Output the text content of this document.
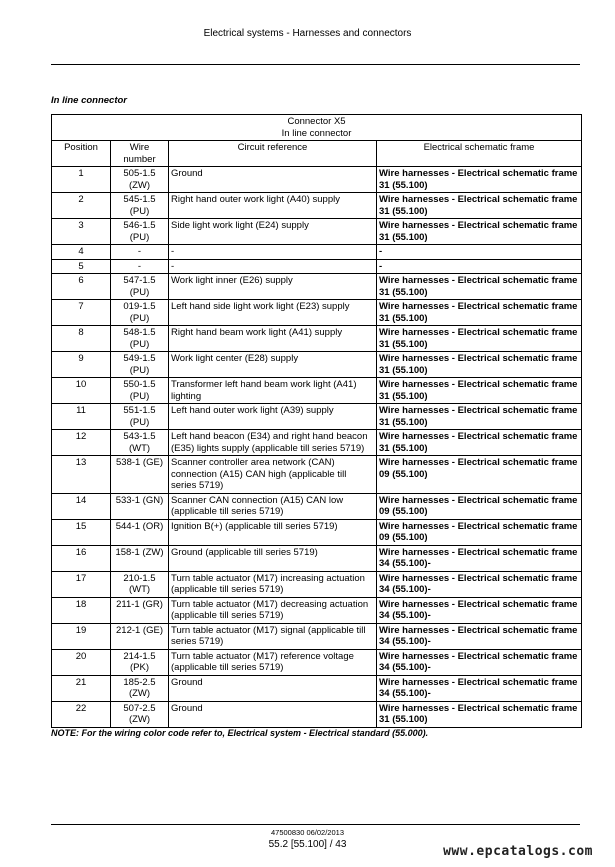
Electrical systems - Harnesses and connectors
In line connector
Connector X5
In line connector			

Position	Wire number	Circuit reference	Electrical schematic frame
1	505-1.5 (ZW)	Ground	Wire harnesses - Electrical schematic frame 31 (55.100)
2	545-1.5 (PU)	Right hand outer work light (A40) supply	Wire harnesses - Electrical schematic frame 31 (55.100)
3	546-1.5 (PU)	Side light work light (E24) supply	Wire harnesses - Electrical schematic frame 31 (55.100)
4	-	-	-
5	-	-	-
6	547-1.5 (PU)	Work light inner (E26) supply	Wire harnesses - Electrical schematic frame 31 (55.100)
7	019-1.5 (PU)	Left hand side light work light (E23) supply	Wire harnesses - Electrical schematic frame 31 (55.100)
8	548-1.5 (PU)	Right hand beam work light (A41) supply	Wire harnesses - Electrical schematic frame 31 (55.100)
9	549-1.5 (PU)	Work light center (E28) supply	Wire harnesses - Electrical schematic frame 31 (55.100)
10	550-1.5 (PU)	Transformer left hand beam work light (A41) lighting	Wire harnesses - Electrical schematic frame 31 (55.100)
11	551-1.5 (PU)	Left hand outer work light (A39) supply	Wire harnesses - Electrical schematic frame 31 (55.100)
12	543-1.5 (WT)	Left hand beacon (E34) and right hand beacon (E35) lights supply (applicable till series 5719)	Wire harnesses - Electrical schematic frame 31 (55.100)
13	538-1 (GE)	Scanner controller area network (CAN) connection (A15) CAN high (applicable till series 5719)	Wire harnesses - Electrical schematic frame 09 (55.100)
14	533-1 (GN)	Scanner CAN connection (A15) CAN low (applicable till series 5719)	Wire harnesses - Electrical schematic frame 09 (55.100)
15	544-1 (OR)	Ignition B(+) (applicable till series 5719)	Wire harnesses - Electrical schematic frame 09 (55.100)
16	158-1 (ZW)	Ground (applicable till series 5719)	Wire harnesses - Electrical schematic frame 34 (55.100)-
17	210-1.5 (WT)	Turn table actuator (M17) increasing actuation (applicable till series 5719)	Wire harnesses - Electrical schematic frame 34 (55.100)-
18	211-1 (GR)	Turn table actuator (M17) decreasing actuation (applicable till series 5719)	Wire harnesses - Electrical schematic frame 34 (55.100)-
19	212-1 (GE)	Turn table actuator (M17) signal (applicable till series 5719)	Wire harnesses - Electrical schematic frame 34 (55.100)-
20	214-1.5 (PK)	Turn table actuator (M17) reference voltage (applicable till series 5719)	Wire harnesses - Electrical schematic frame 34 (55.100)-
21	185-2.5 (ZW)	Ground	Wire harnesses - Electrical schematic frame 34 (55.100)-
22	507-2.5 (ZW)	Ground	Wire harnesses - Electrical schematic frame 31 (55.100)
NOTE: For the wiring color code refer to, Electrical system - Electrical standard (55.000).
47500830 06/02/2013
55.2 [55.100] / 43	www.epcatalogs.com
